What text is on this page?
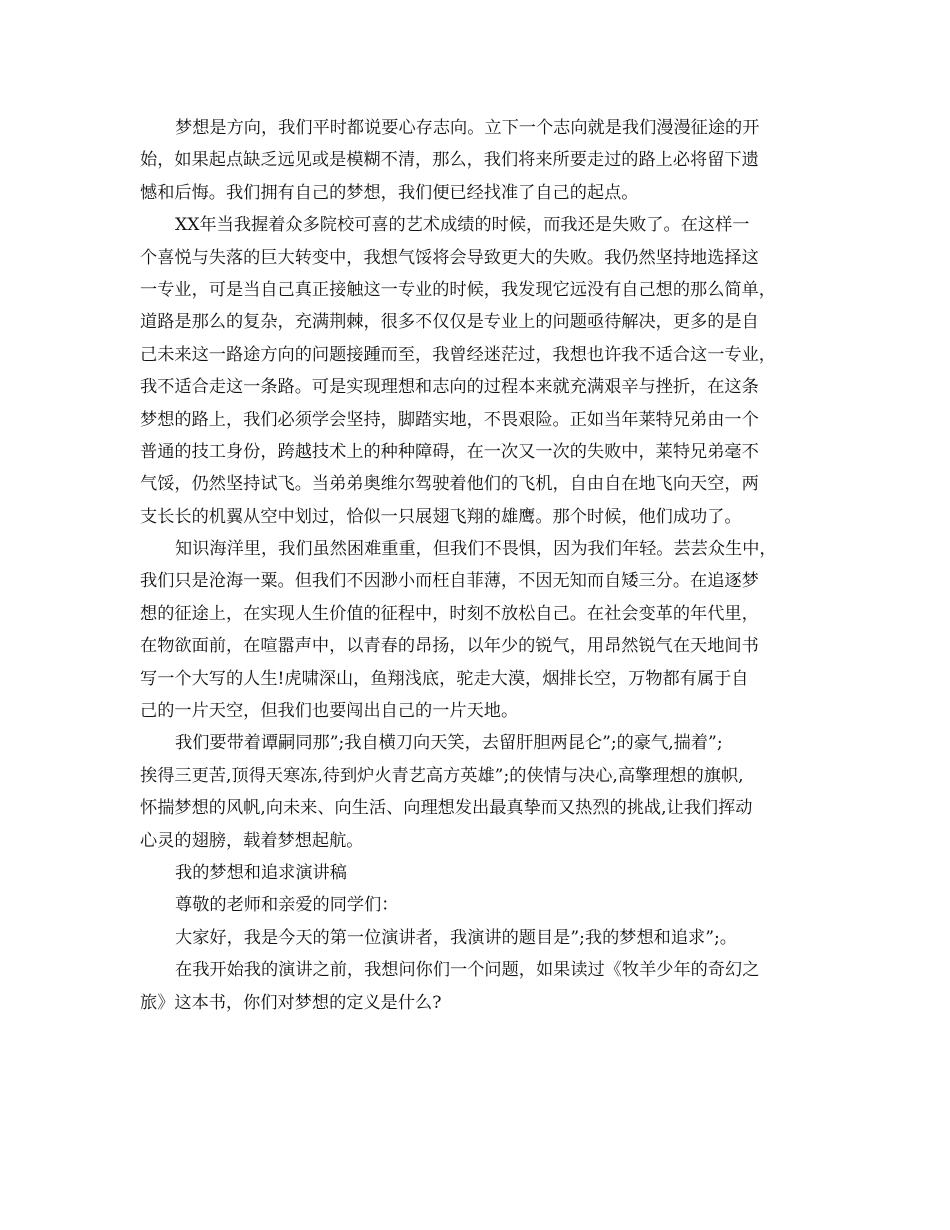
梦想是方向，我们平时都说要心存志向。立下一个志向就是我们漫漫征途的开
始，如果起点缺乏远见或是模糊不清，那么，我们将来所要走过的路上必将留下遗
憾和后悔。我们拥有自己的梦想，我们便已经找准了自己的起点。
XX年当我握着众多院校可喜的艺术成绩的时候，而我还是失败了。在这样一
个喜悦与失落的巨大转变中，我想气馁将会导致更大的失败。我仍然坚持地选择这
一专业，可是当自己真正接触这一专业的时候，我发现它远没有自己想的那么简单，
道路是那么的复杂，充满荆棘，很多不仅仅是专业上的问题亟待解决，更多的是自
己未来这一路途方向的问题接踵而至，我曾经迷茫过，我想也许我不适合这一专业，
我不适合走这一条路。可是实现理想和志向的过程本来就充满艰辛与挫折，在这条
梦想的路上，我们必须学会坚持，脚踏实地，不畏艰险。正如当年莱特兄弟由一个
普通的技工身份，跨越技术上的种种障碍，在一次又一次的失败中，莱特兄弟毫不
气馁，仍然坚持试飞。当弟弟奥维尔驾驶着他们的飞机，自由自在地飞向天空，两
支长长的机翼从空中划过，恰似一只展翅飞翔的雄鹰。那个时候，他们成功了。
知识海洋里，我们虽然困难重重，但我们不畏惧，因为我们年轻。芸芸众生中，
我们只是沧海一粟。但我们不因渺小而枉自菲薄，不因无知而自矮三分。在追逐梦
想的征途上，在实现人生价值的征程中，时刻不放松自己。在社会变革的年代里，
在物欲面前，在喧嚣声中，以青春的昂扬，以年少的锐气，用昂然锐气在天地间书
写一个大写的人生!虎啸深山，鱼翔浅底，驼走大漠，烟排长空，万物都有属于自
己的一片天空，但我们也要闯出自己的一片天地。
我们要带着谭嗣同那”;我自横刀向天笑，去留肝胆两昆仑”;的豪气,揣着”;
挨得三更苦,顶得天寒冻,待到炉火青艺高方英雄”;的侠情与决心,高擎理想的旗帜,
怀揣梦想的风帆,向未来、向生活、向理想发出最真挚而又热烈的挑战,让我们挥动
心灵的翅膀，载着梦想起航。
我的梦想和追求演讲稿
尊敬的老师和亲爱的同学们：
大家好，我是今天的第一位演讲者，我演讲的题目是”;我的梦想和追求”;。
在我开始我的演讲之前，我想问你们一个问题，如果读过《牧羊少年的奇幻之
旅》这本书，你们对梦想的定义是什么?
